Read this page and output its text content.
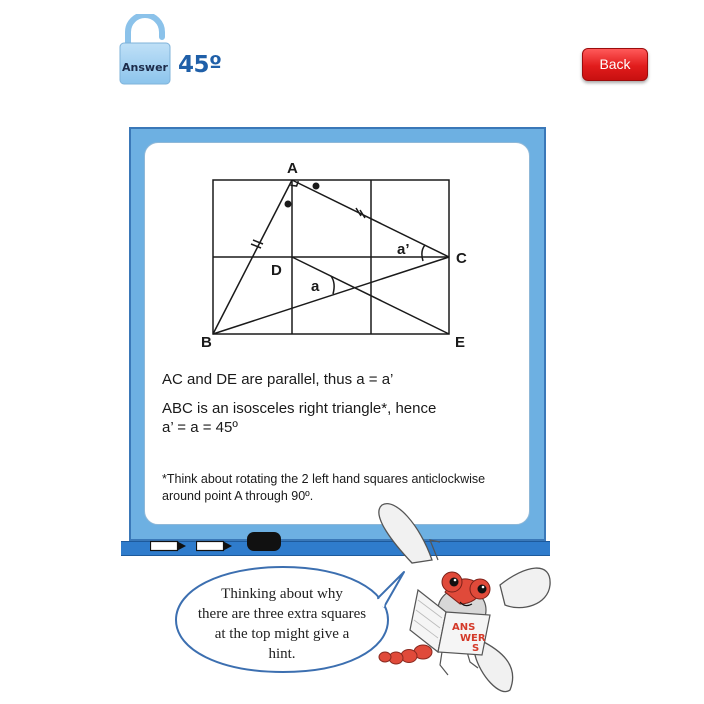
Answer 45º	Back
A
B
C
D
E
a’
a
AC and DE are parallel, thus a = a’
ABC is an isosceles right triangle*, hence
a’ = a = 45º
*Think about rotating the 2 left hand squares anticlockwise
around point A through 90º.
ANS
WER
S
Thinking about why
there are three extra squares
at the top might give a
hint.
